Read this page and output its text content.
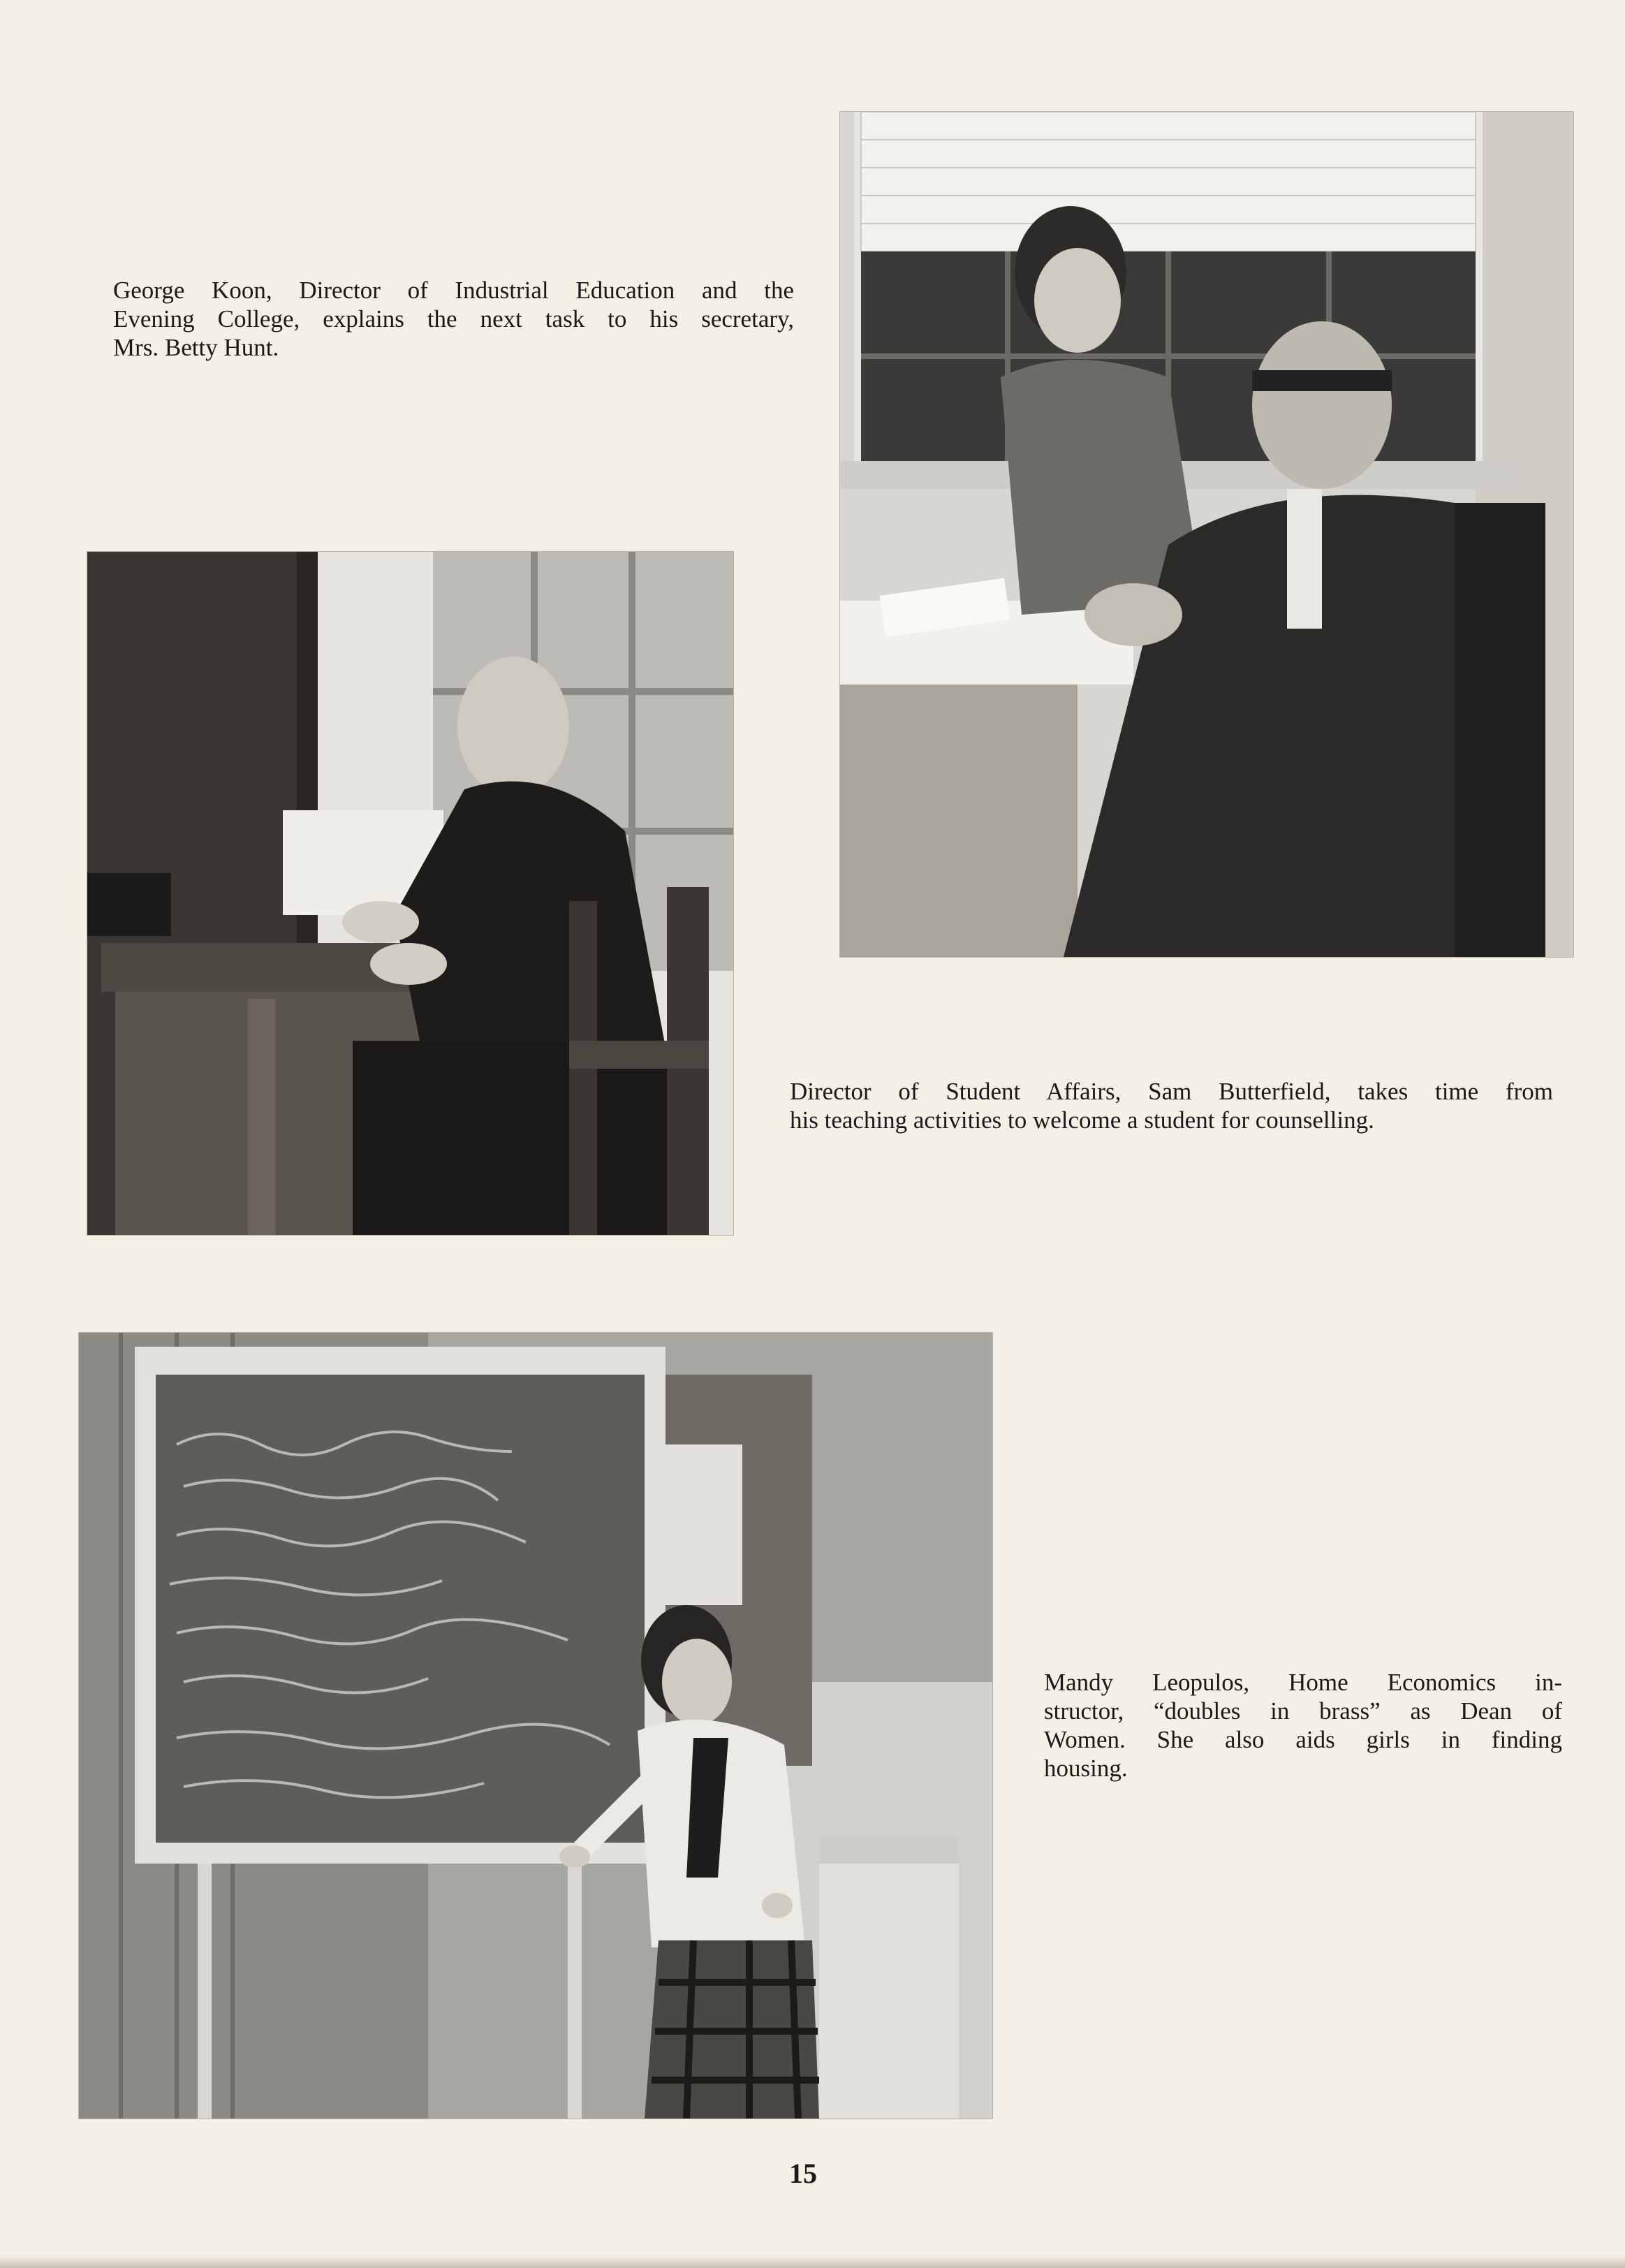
George Koon, Director of Industrial Education and the
Evening College, explains the next task to his secretary,
Mrs. Betty Hunt.

Director of Student Affairs, Sam Butterfield, takes time from
his teaching activities to welcome a student for counselling.

Mandy Leopulos, Home Economics in-
structor, “doubles in brass” as Dean of
Women. She also aids girls in finding
housing.

15
